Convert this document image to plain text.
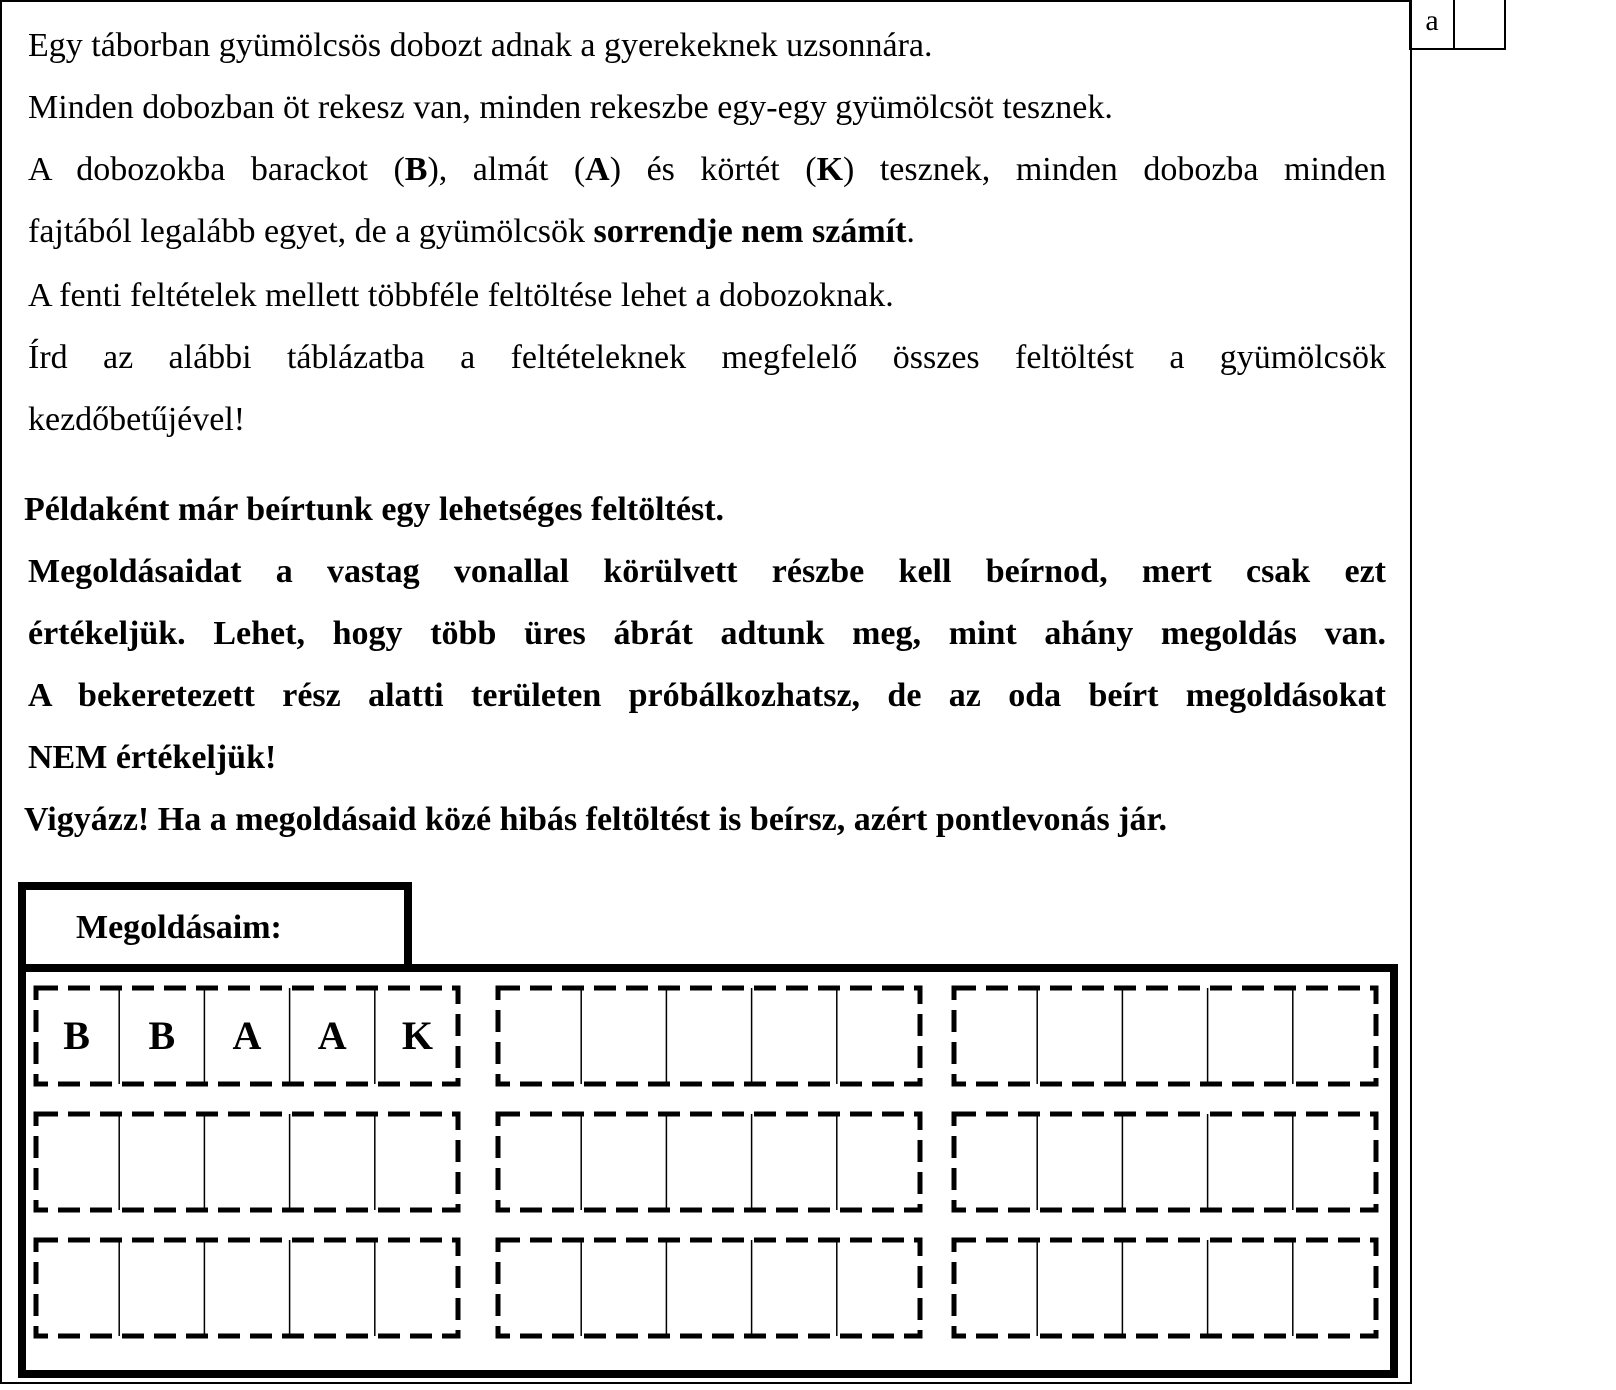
a
Egy táborban gyümölcsös dobozt adnak a gyerekeknek uzsonnára.
Minden dobozban öt rekesz van, minden rekeszbe egy-egy gyümölcsöt tesznek.
A dobozokba barackot (B), almát (A) és körtét (K) tesznek, minden dobozba minden
fajtából legalább egyet, de a gyümölcsök sorrendje nem számít.
A fenti feltételek mellett többféle feltöltése lehet a dobozoknak.
Írd az alábbi táblázatba a feltételeknek megfelelő összes feltöltést a gyümölcsök
kezdőbetűjével!
Példaként már beírtunk egy lehetséges feltöltést.
Megoldásaidat a vastag vonallal körülvett részbe kell beírnod, mert csak ezt
értékeljük. Lehet, hogy több üres ábrát adtunk meg, mint ahány megoldás van.
A bekeretezett rész alatti területen próbálkozhatsz, de az oda beírt megoldásokat
NEM értékeljük!
Vigyázz! Ha a megoldásaid közé hibás feltöltést is beírsz, azért pontlevonás jár.
Megoldásaim:
B	B	A	A	K
